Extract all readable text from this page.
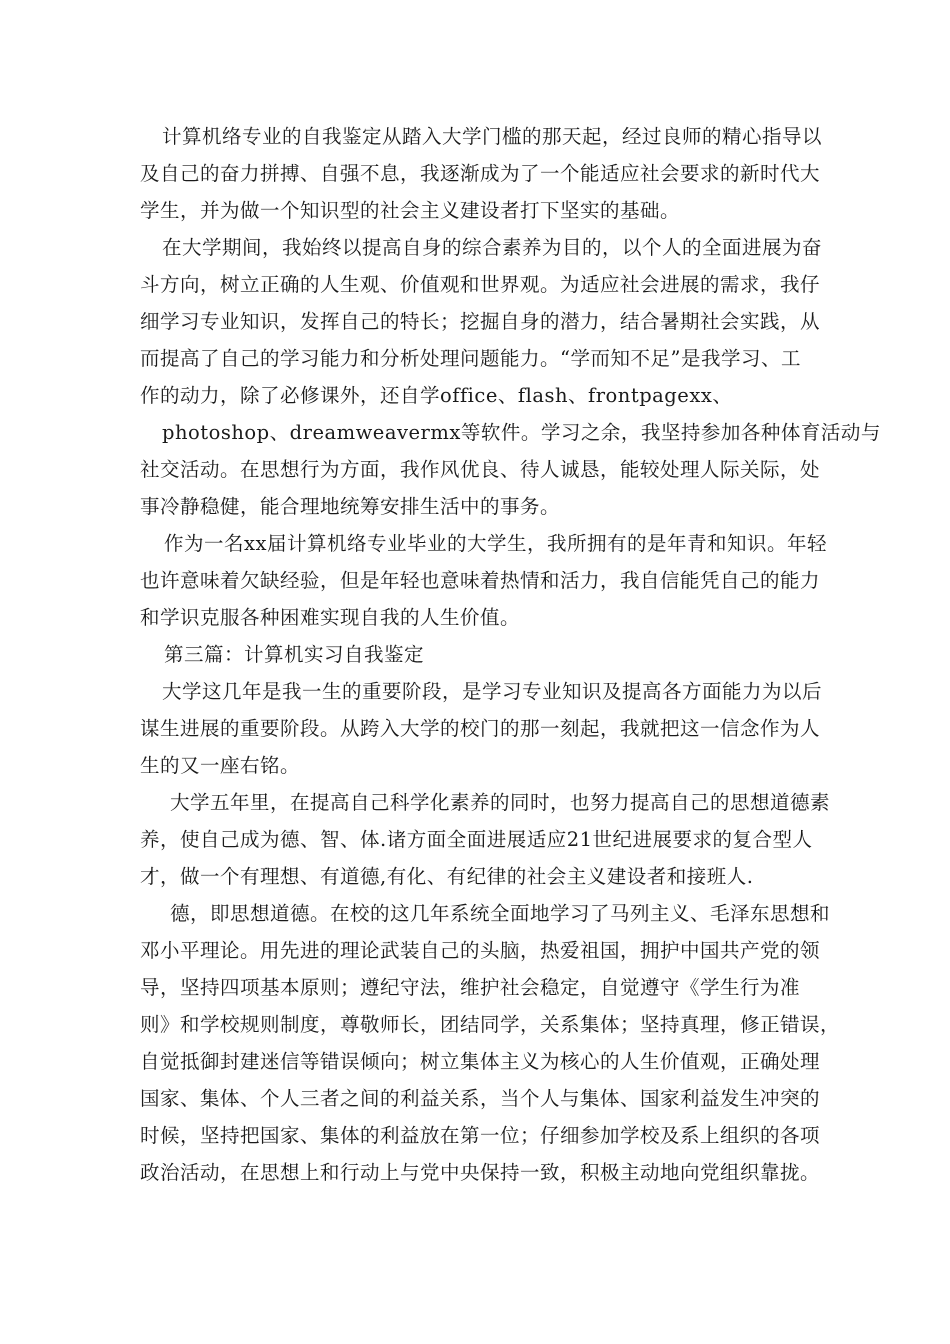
计算机络专业的自我鉴定从踏入大学门槛的那天起，经过良师的精心指导以
及自己的奋力拼搏、自强不息，我逐渐成为了一个能适应社会要求的新时代大
学生，并为做一个知识型的社会主义建设者打下坚实的基础。
在大学期间，我始终以提高自身的综合素养为目的，以个人的全面进展为奋
斗方向，树立正确的人生观、价值观和世界观。为适应社会进展的需求，我仔
细学习专业知识，发挥自己的特长；挖掘自身的潜力，结合暑期社会实践，从
而提高了自己的学习能力和分析处理问题能力。“学而知不足”是我学习、工
作的动力，除了必修课外，还自学office、flash、frontpagexx、
photoshop、dreamweavermx等软件。学习之余，我坚持参加各种体育活动与
社交活动。在思想行为方面，我作风优良、待人诚恳，能较处理人际关际，处
事冷静稳健，能合理地统筹安排生活中的事务。
作为一名xx届计算机络专业毕业的大学生，我所拥有的是年青和知识。年轻
也许意味着欠缺经验，但是年轻也意味着热情和活力，我自信能凭自己的能力
和学识克服各种困难实现自我的人生价值。
第三篇：计算机实习自我鉴定
大学这几年是我一生的重要阶段，是学习专业知识及提高各方面能力为以后
谋生进展的重要阶段。从跨入大学的校门的那一刻起，我就把这一信念作为人
生的又一座右铭。
大学五年里，在提高自己科学化素养的同时，也努力提高自己的思想道德素
养，使自己成为德、智、体.诸方面全面进展适应21世纪进展要求的复合型人
才，做一个有理想、有道德,有化、有纪律的社会主义建设者和接班人.
德，即思想道德。在校的这几年系统全面地学习了马列主义、毛泽东思想和
邓小平理论。用先进的理论武装自己的头脑，热爱祖国，拥护中国共产党的领
导，坚持四项基本原则；遵纪守法，维护社会稳定，自觉遵守《学生行为准
则》和学校规则制度，尊敬师长，团结同学，关系集体；坚持真理，修正错误，
自觉抵御封建迷信等错误倾向；树立集体主义为核心的人生价值观，正确处理
国家、集体、个人三者之间的利益关系，当个人与集体、国家利益发生冲突的
时候，坚持把国家、集体的利益放在第一位；仔细参加学校及系上组织的各项
政治活动，在思想上和行动上与党中央保持一致，积极主动地向党组织靠拢。
